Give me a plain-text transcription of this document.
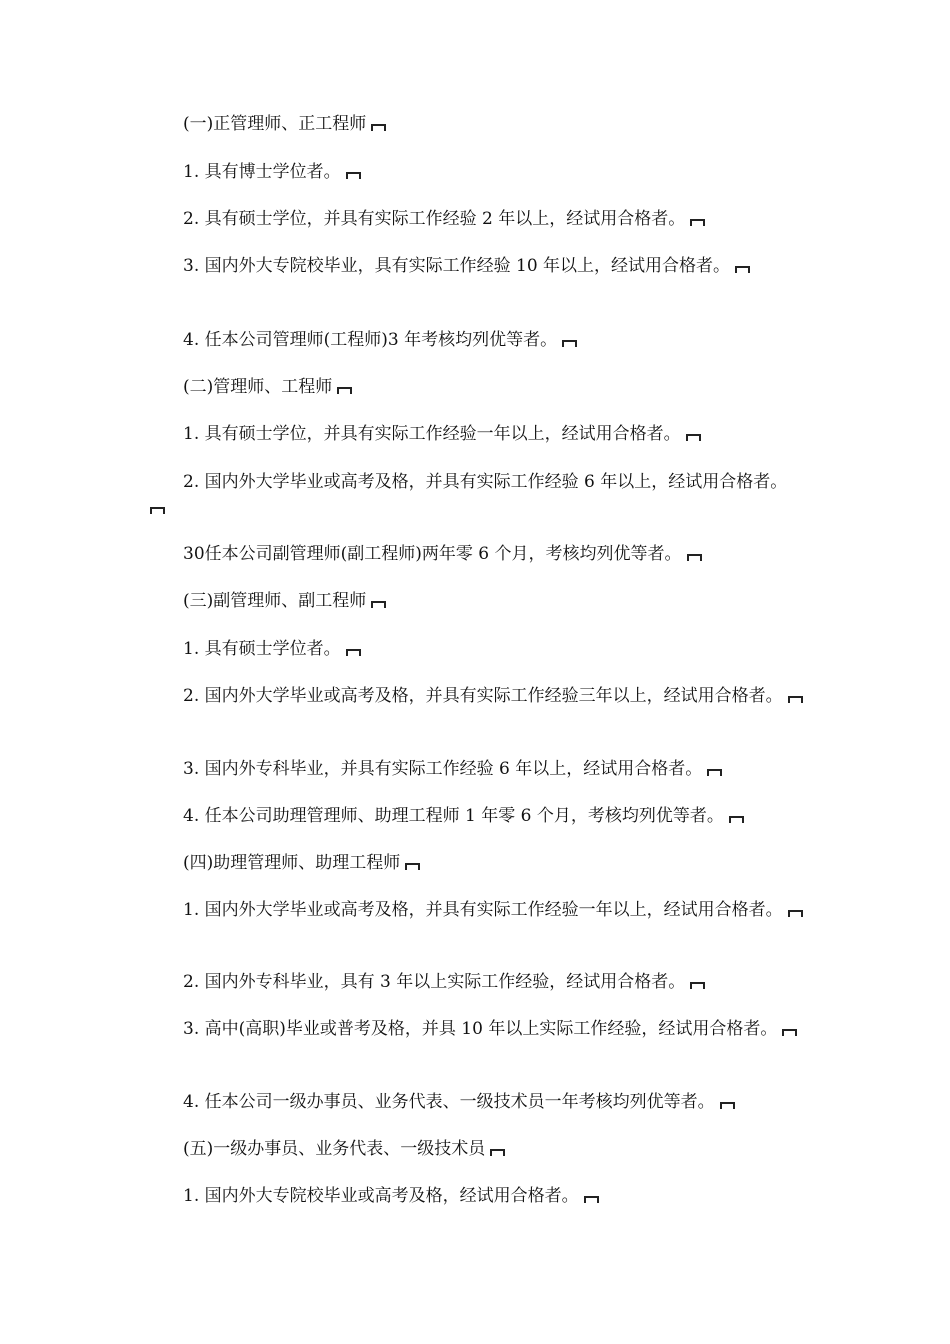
(一)正管理师、正工程师

1. 具有博士学位者。

2. 具有硕士学位，并具有实际工作经验 2 年以上，经试用合格者。

3. 国内外大专院校毕业，具有实际工作经验 10 年以上，经试用合格者。

4. 任本公司管理师(工程师)3 年考核均列优等者。

(二)管理师、工程师

1. 具有硕士学位，并具有实际工作经验一年以上，经试用合格者。

2. 国内外大学毕业或高考及格，并具有实际工作经验 6 年以上，经试用合格者。

30任本公司副管理师(副工程师)两年零 6 个月，考核均列优等者。

(三)副管理师、副工程师

1. 具有硕士学位者。

2. 国内外大学毕业或高考及格，并具有实际工作经验三年以上，经试用合格者。

3. 国内外专科毕业，并具有实际工作经验 6 年以上，经试用合格者。

4. 任本公司助理管理师、助理工程师 1 年零 6 个月，考核均列优等者。

(四)助理管理师、助理工程师

1. 国内外大学毕业或高考及格，并具有实际工作经验一年以上，经试用合格者。

2. 国内外专科毕业，具有 3 年以上实际工作经验，经试用合格者。

3. 高中(高职)毕业或普考及格，并具 10 年以上实际工作经验，经试用合格者。

4. 任本公司一级办事员、业务代表、一级技术员一年考核均列优等者。

(五)一级办事员、业务代表、一级技术员

1. 国内外大专院校毕业或高考及格，经试用合格者。
